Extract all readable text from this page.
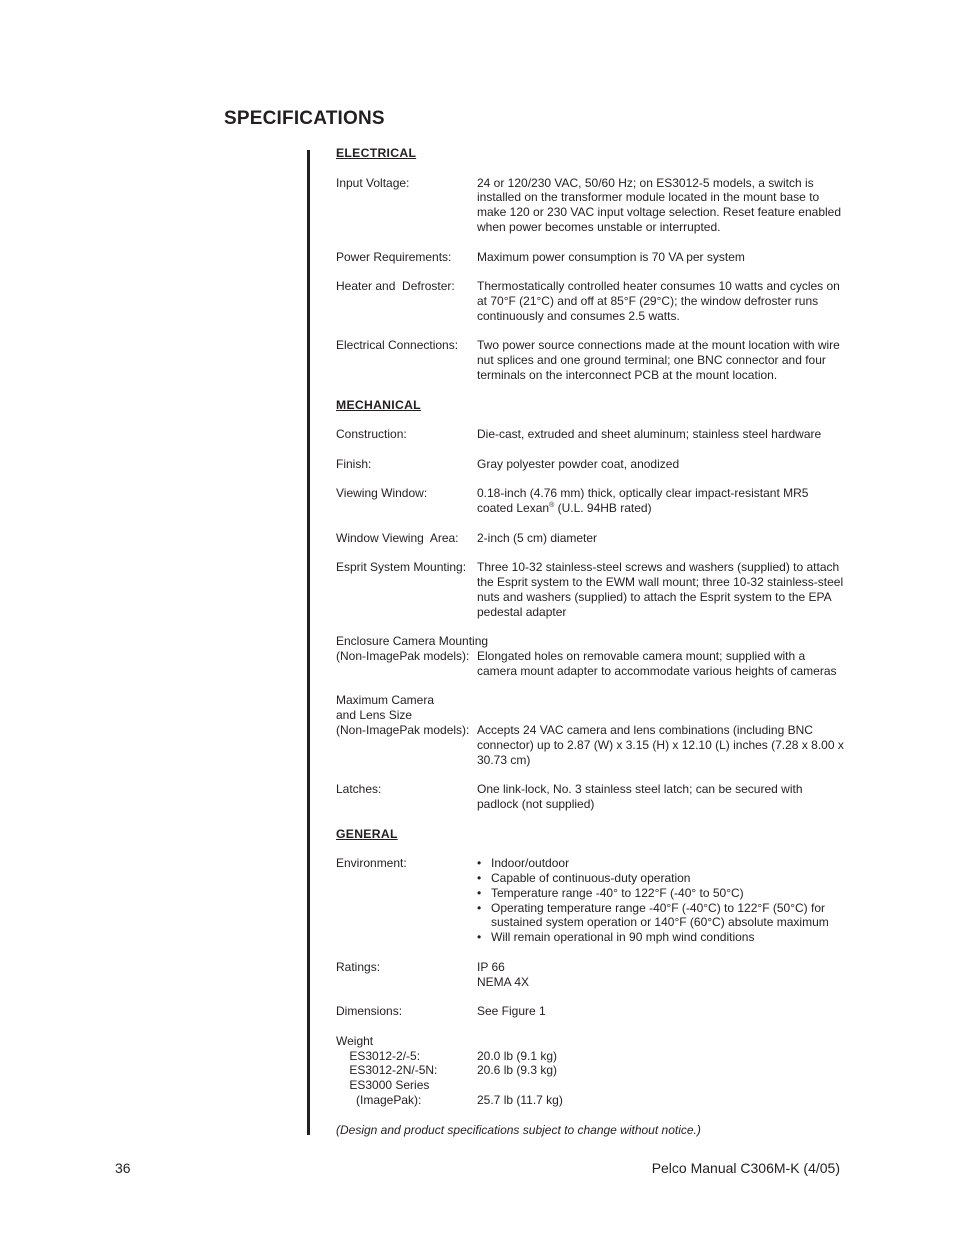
SPECIFICATIONS
ELECTRICAL
Input Voltage:	24 or 120/230 VAC, 50/60 Hz; on ES3012-5 models, a switch is installed on the transformer module located in the mount base to make 120 or 230 VAC input voltage selection. Reset feature enabled when power becomes unstable or interrupted.
Power Requirements:	Maximum power consumption is 70 VA per system
Heater and  Defroster:	Thermostatically controlled heater consumes 10 watts and cycles on at 70°F (21°C) and off at 85°F (29°C); the window defroster runs continuously and consumes 2.5 watts.
Electrical Connections:	Two power source connections made at the mount location with wire nut splices and one ground terminal; one BNC connector and four terminals on the interconnect PCB at the mount location.
MECHANICAL
Construction:	Die-cast, extruded and sheet aluminum; stainless steel hardware
Finish:	Gray polyester powder coat, anodized
Viewing Window:	0.18-inch (4.76 mm) thick, optically clear impact-resistant MR5 coated Lexan® (U.L. 94HB rated)
Window Viewing  Area:	2-inch (5 cm) diameter
Esprit System Mounting: Three 10-32 stainless-steel screws and washers (supplied) to attach the Esprit system to the EWM wall mount; three 10-32 stainless-steel nuts and washers (supplied) to attach the Esprit system to the EPA pedestal adapter
Enclosure Camera Mounting
(Non-ImagePak models): Elongated holes on removable camera mount; supplied with a camera mount adapter to accommodate various heights of cameras
Maximum Camera
and Lens Size
(Non-ImagePak models): Accepts 24 VAC camera and lens combinations (including BNC connector) up to 2.87 (W) x 3.15 (H) x 12.10 (L) inches (7.28 x 8.00 x 30.73 cm)
Latches:	One link-lock, No. 3 stainless steel latch; can be secured with padlock (not supplied)
GENERAL
Environment:
•	Indoor/outdoor
• Capable of continuous-duty operation
• Temperature range -40° to 122°F (-40° to 50°C)
• Operating temperature range -40°F (-40°C) to 122°F (50°C) for sustained system operation or 140°F (60°C) absolute maximum
• Will remain operational in 90 mph wind conditions
Ratings:	IP 66
NEMA 4X
Dimensions:	See Figure 1
Weight
ES3012-2/-5:	20.0 lb (9.1 kg)
ES3012-2N/-5N:	20.6 lb (9.3 kg)
ES3000 Series
(ImagePak):	25.7 lb (11.7 kg)
(Design and product specifications subject to change without notice.)
36	Pelco Manual C306M-K (4/05)
